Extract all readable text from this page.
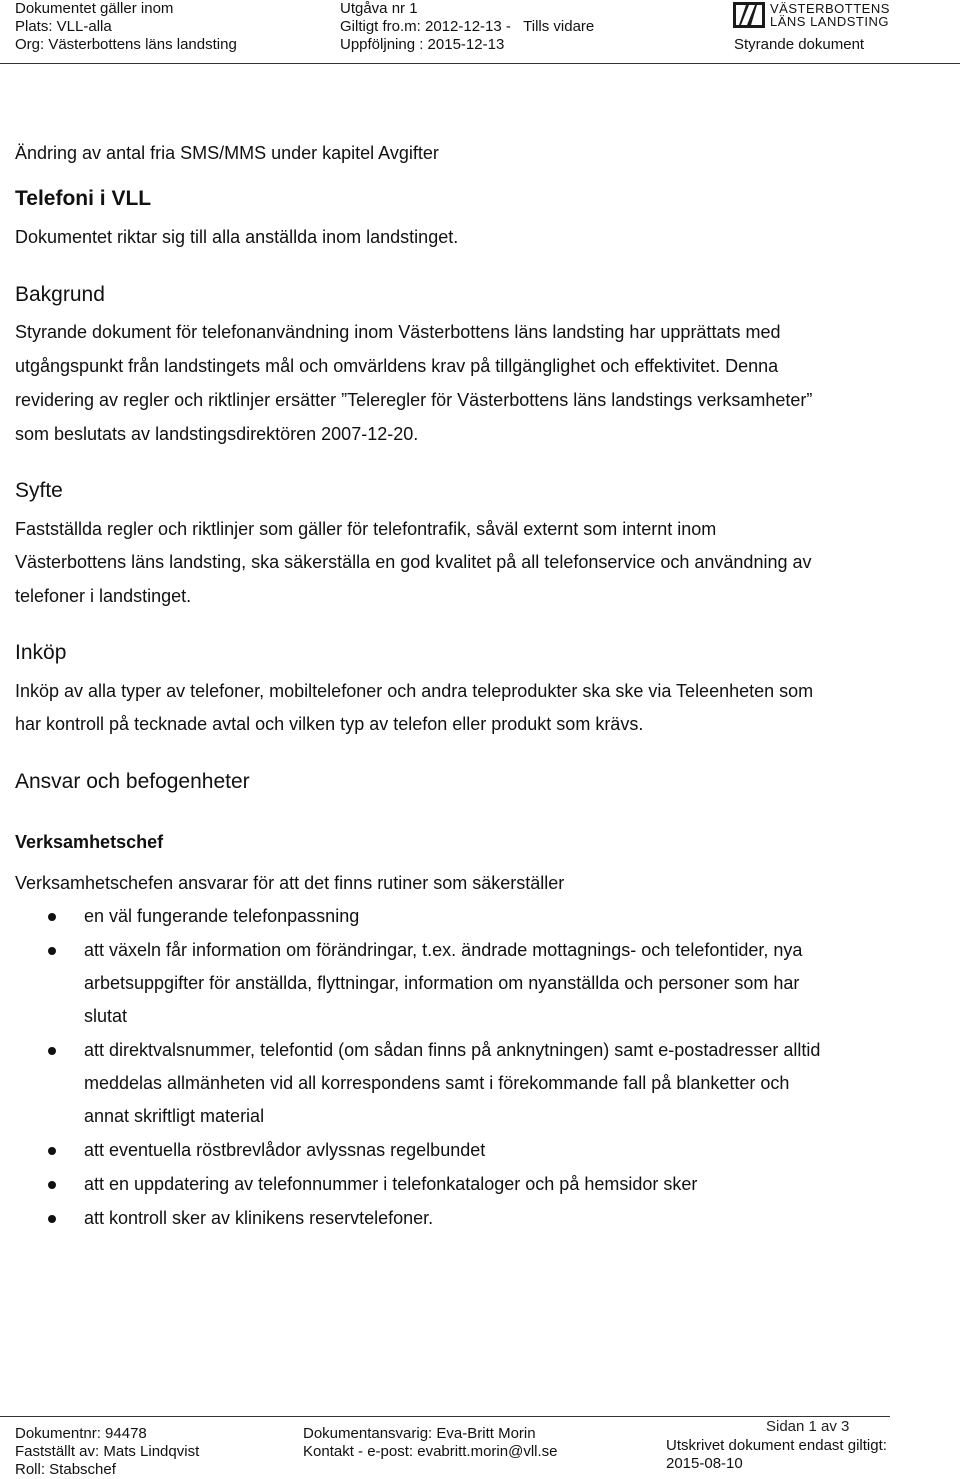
Dokumentet gäller inom
Plats: VLL-alla
Org: Västerbottens läns landsting
Utgåva nr 1
Giltigt fro.m: 2012-12-13 -   Tills vidare
Uppföljning : 2015-12-13
VÄSTERBOTTENS
LÄNS LANDSTING
Styrande dokument
Ändring av antal fria SMS/MMS under kapitel Avgifter
Telefoni i VLL
Dokumentet riktar sig till alla anställda inom landstinget.
Bakgrund
Styrande dokument för telefonanvändning inom Västerbottens läns landsting har upprättats med
utgångspunkt från landstingets mål och omvärldens krav på tillgänglighet och effektivitet. Denna
revidering av regler och riktlinjer ersätter ”Teleregler för Västerbottens läns landstings verksamheter”
som beslutats av landstingsdirektören 2007-12-20.
Syfte
Fastställda regler och riktlinjer som gäller för telefontrafik, såväl externt som internt inom
Västerbottens läns landsting, ska säkerställa en god kvalitet på all telefonservice och användning av
telefoner i landstinget.
Inköp
Inköp av alla typer av telefoner, mobiltelefoner och andra teleprodukter ska ske via Teleenheten som
har kontroll på tecknade avtal och vilken typ av telefon eller produkt som krävs.
Ansvar och befogenheter
Verksamhetschef
Verksamhetschefen ansvarar för att det finns rutiner som säkerställer
en väl fungerande telefonpassning
att växeln får information om förändringar, t.ex. ändrade mottagnings- och telefontider, nya
arbetsuppgifter för anställda, flyttningar, information om nyanställda och personer som har
slutat
att direktvalsnummer, telefontid (om sådan finns på anknytningen) samt e-postadresser alltid
meddelas allmänheten vid all korrespondens samt i förekommande fall på blanketter och
annat skriftligt material
att eventuella röstbrevlådor avlyssnas regelbundet
att en uppdatering av telefonnummer i telefonkataloger och på hemsidor sker
att kontroll sker av klinikens reservtelefoner.
Dokumentnr: 94478
Fastställt av: Mats Lindqvist
Roll: Stabschef
Dokumentansvarig: Eva-Britt Morin
Kontakt - e-post: evabritt.morin@vll.se
Sidan 1 av 3
Utskrivet dokument endast giltigt:
2015-08-10
